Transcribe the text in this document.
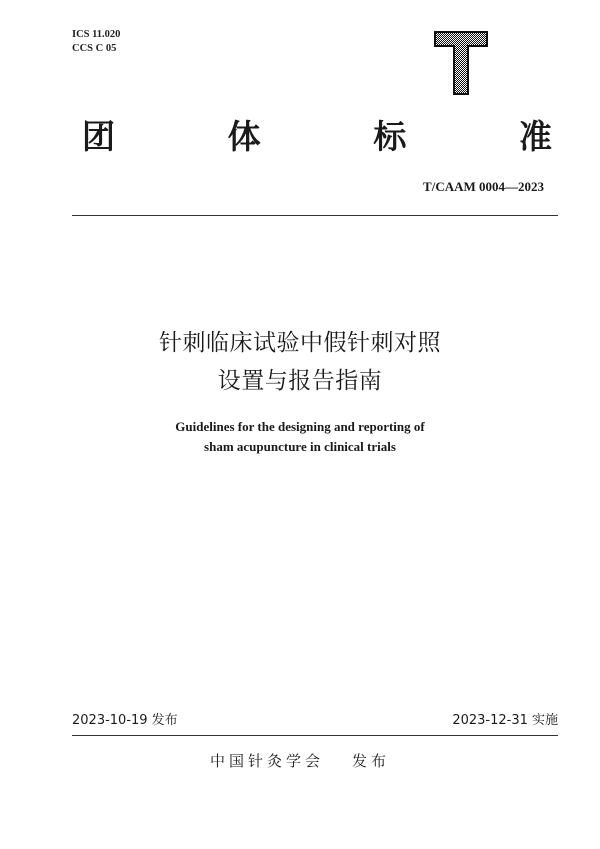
ICS 11.020
CCS C 05
团	体	标	准
T/CAAM 0004—2023
针刺临床试验中假针刺对照
设置与报告指南
Guidelines for the designing and reporting of
sham acupuncture in clinical trials
2023-10-19 发布	2023-12-31 实施
中国针灸学会 发布
